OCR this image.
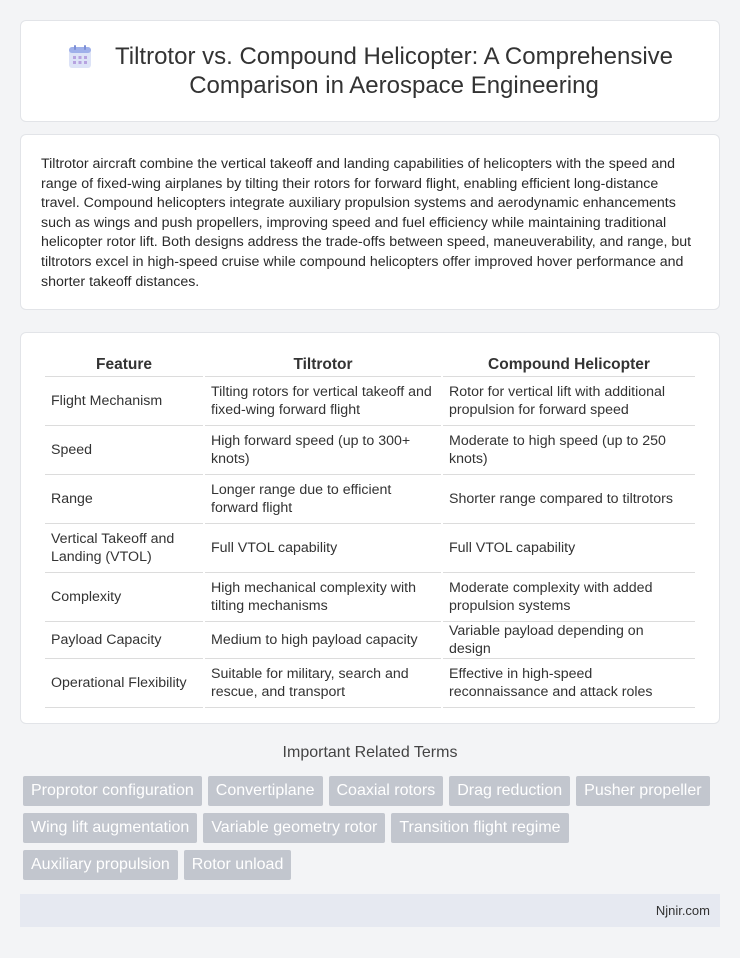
Tiltrotor vs. Compound Helicopter: A Comprehensive
Comparison in Aerospace Engineering

Tiltrotor aircraft combine the vertical takeoff and landing capabilities of helicopters with the speed and range of fixed-wing airplanes by tilting their rotors for forward flight, enabling efficient long-distance travel. Compound helicopters integrate auxiliary propulsion systems and aerodynamic enhancements such as wings and push propellers, improving speed and fuel efficiency while maintaining traditional helicopter rotor lift. Both designs address the trade-offs between speed, maneuverability, and range, but tiltrotors excel in high-speed cruise while compound helicopters offer improved hover performance and shorter takeoff distances.

Feature	Tiltrotor	Compound Helicopter
Flight Mechanism	Tilting rotors for vertical takeoff and fixed-wing forward flight	Rotor for vertical lift with additional propulsion for forward speed
Speed	High forward speed (up to 300+ knots)	Moderate to high speed (up to 250 knots)
Range	Longer range due to efficient forward flight	Shorter range compared to tiltrotors
Vertical Takeoff and Landing (VTOL)	Full VTOL capability	Full VTOL capability
Complexity	High mechanical complexity with tilting mechanisms	Moderate complexity with added propulsion systems
Payload Capacity	Medium to high payload capacity	Variable payload depending on design
Operational Flexibility	Suitable for military, search and rescue, and transport	Effective in high-speed reconnaissance and attack roles
Important Related Terms
Proprotor configuration Convertiplane Coaxial rotors Drag reduction Pusher propeller
Wing lift augmentation Variable geometry rotor Transition flight regime
Auxiliary propulsion Rotor unload
Njnir.com
